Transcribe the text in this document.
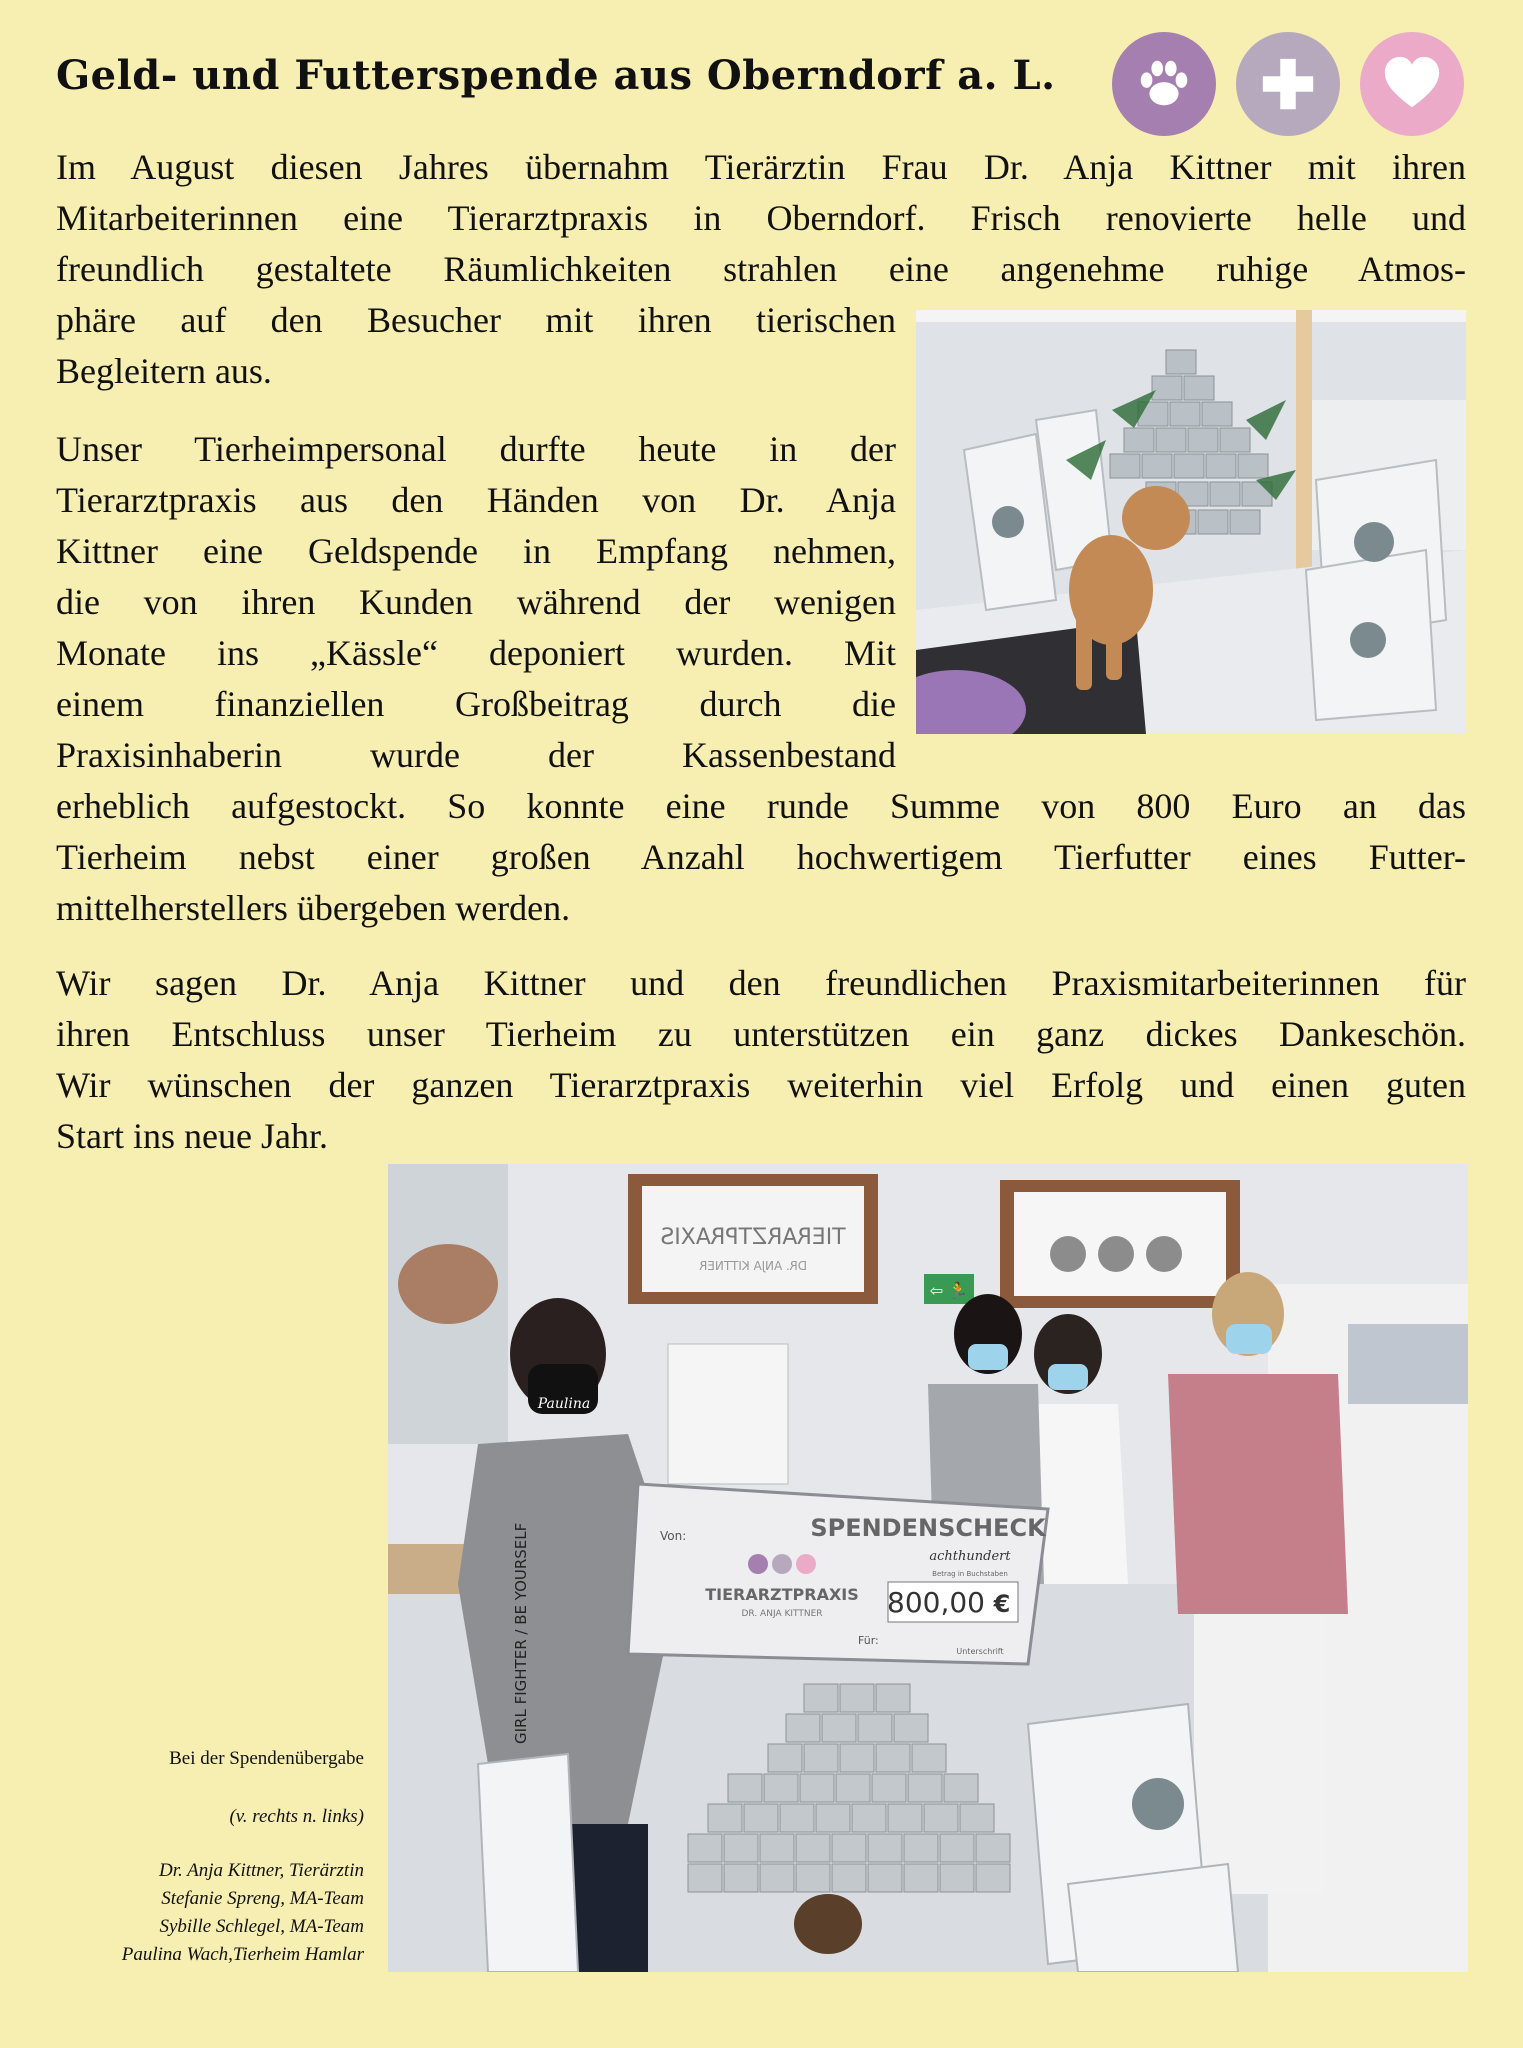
Geld- und Futterspende aus Oberndorf a. L.
Im August diesen Jahres übernahm Tierärztin Frau Dr. Anja Kittner mit ihren
Mitarbeiterinnen eine Tierarztpraxis in Oberndorf. Frisch renovierte helle und
freundlich gestaltete Räumlichkeiten strahlen eine angenehme ruhige Atmos-
phäre auf den Besucher mit ihren tierischen
Begleitern aus.
Unser Tierheimpersonal durfte heute in der
Tierarztpraxis aus den Händen von Dr. Anja
Kittner eine Geldspende in Empfang nehmen,
die von ihren Kunden während der wenigen
Monate ins „Kässle“ deponiert wurden. Mit
einem finanziellen Großbeitrag durch die
Praxisinhaberin wurde der Kassenbestand
erheblich aufgestockt. So konnte eine runde Summe von 800 Euro an das
Tierheim nebst einer großen Anzahl hochwertigem Tierfutter eines Futter-
mittelherstellers übergeben werden.
Wir sagen Dr. Anja Kittner und den freundlichen Praxismitarbeiterinnen für
ihren Entschluss unser Tierheim zu unterstützen ein ganz dickes Dankeschön.
Wir wünschen der ganzen Tierarztpraxis weiterhin viel Erfolg und einen guten
Start ins neue Jahr.
TIERARZTPRAXIS
DR. ANJA KITTNER
⇦ 🏃
Paulina
GIRL FIGHTER / BE YOURSELF	SPENDENSCHECK
Von:
achthundert
Betrag in Buchstaben
800,00 €
TIERARZTPRAXIS
DR. ANJA KITTNER
Für:
Unterschrift

Bei der Spendenübergabe

(v. rechts n. links)

Dr. Anja Kittner, Tierärztin

Stefanie Spreng, MA-Team

Sybille Schlegel, MA-Team

Paulina Wach,Tierheim Hamlar
